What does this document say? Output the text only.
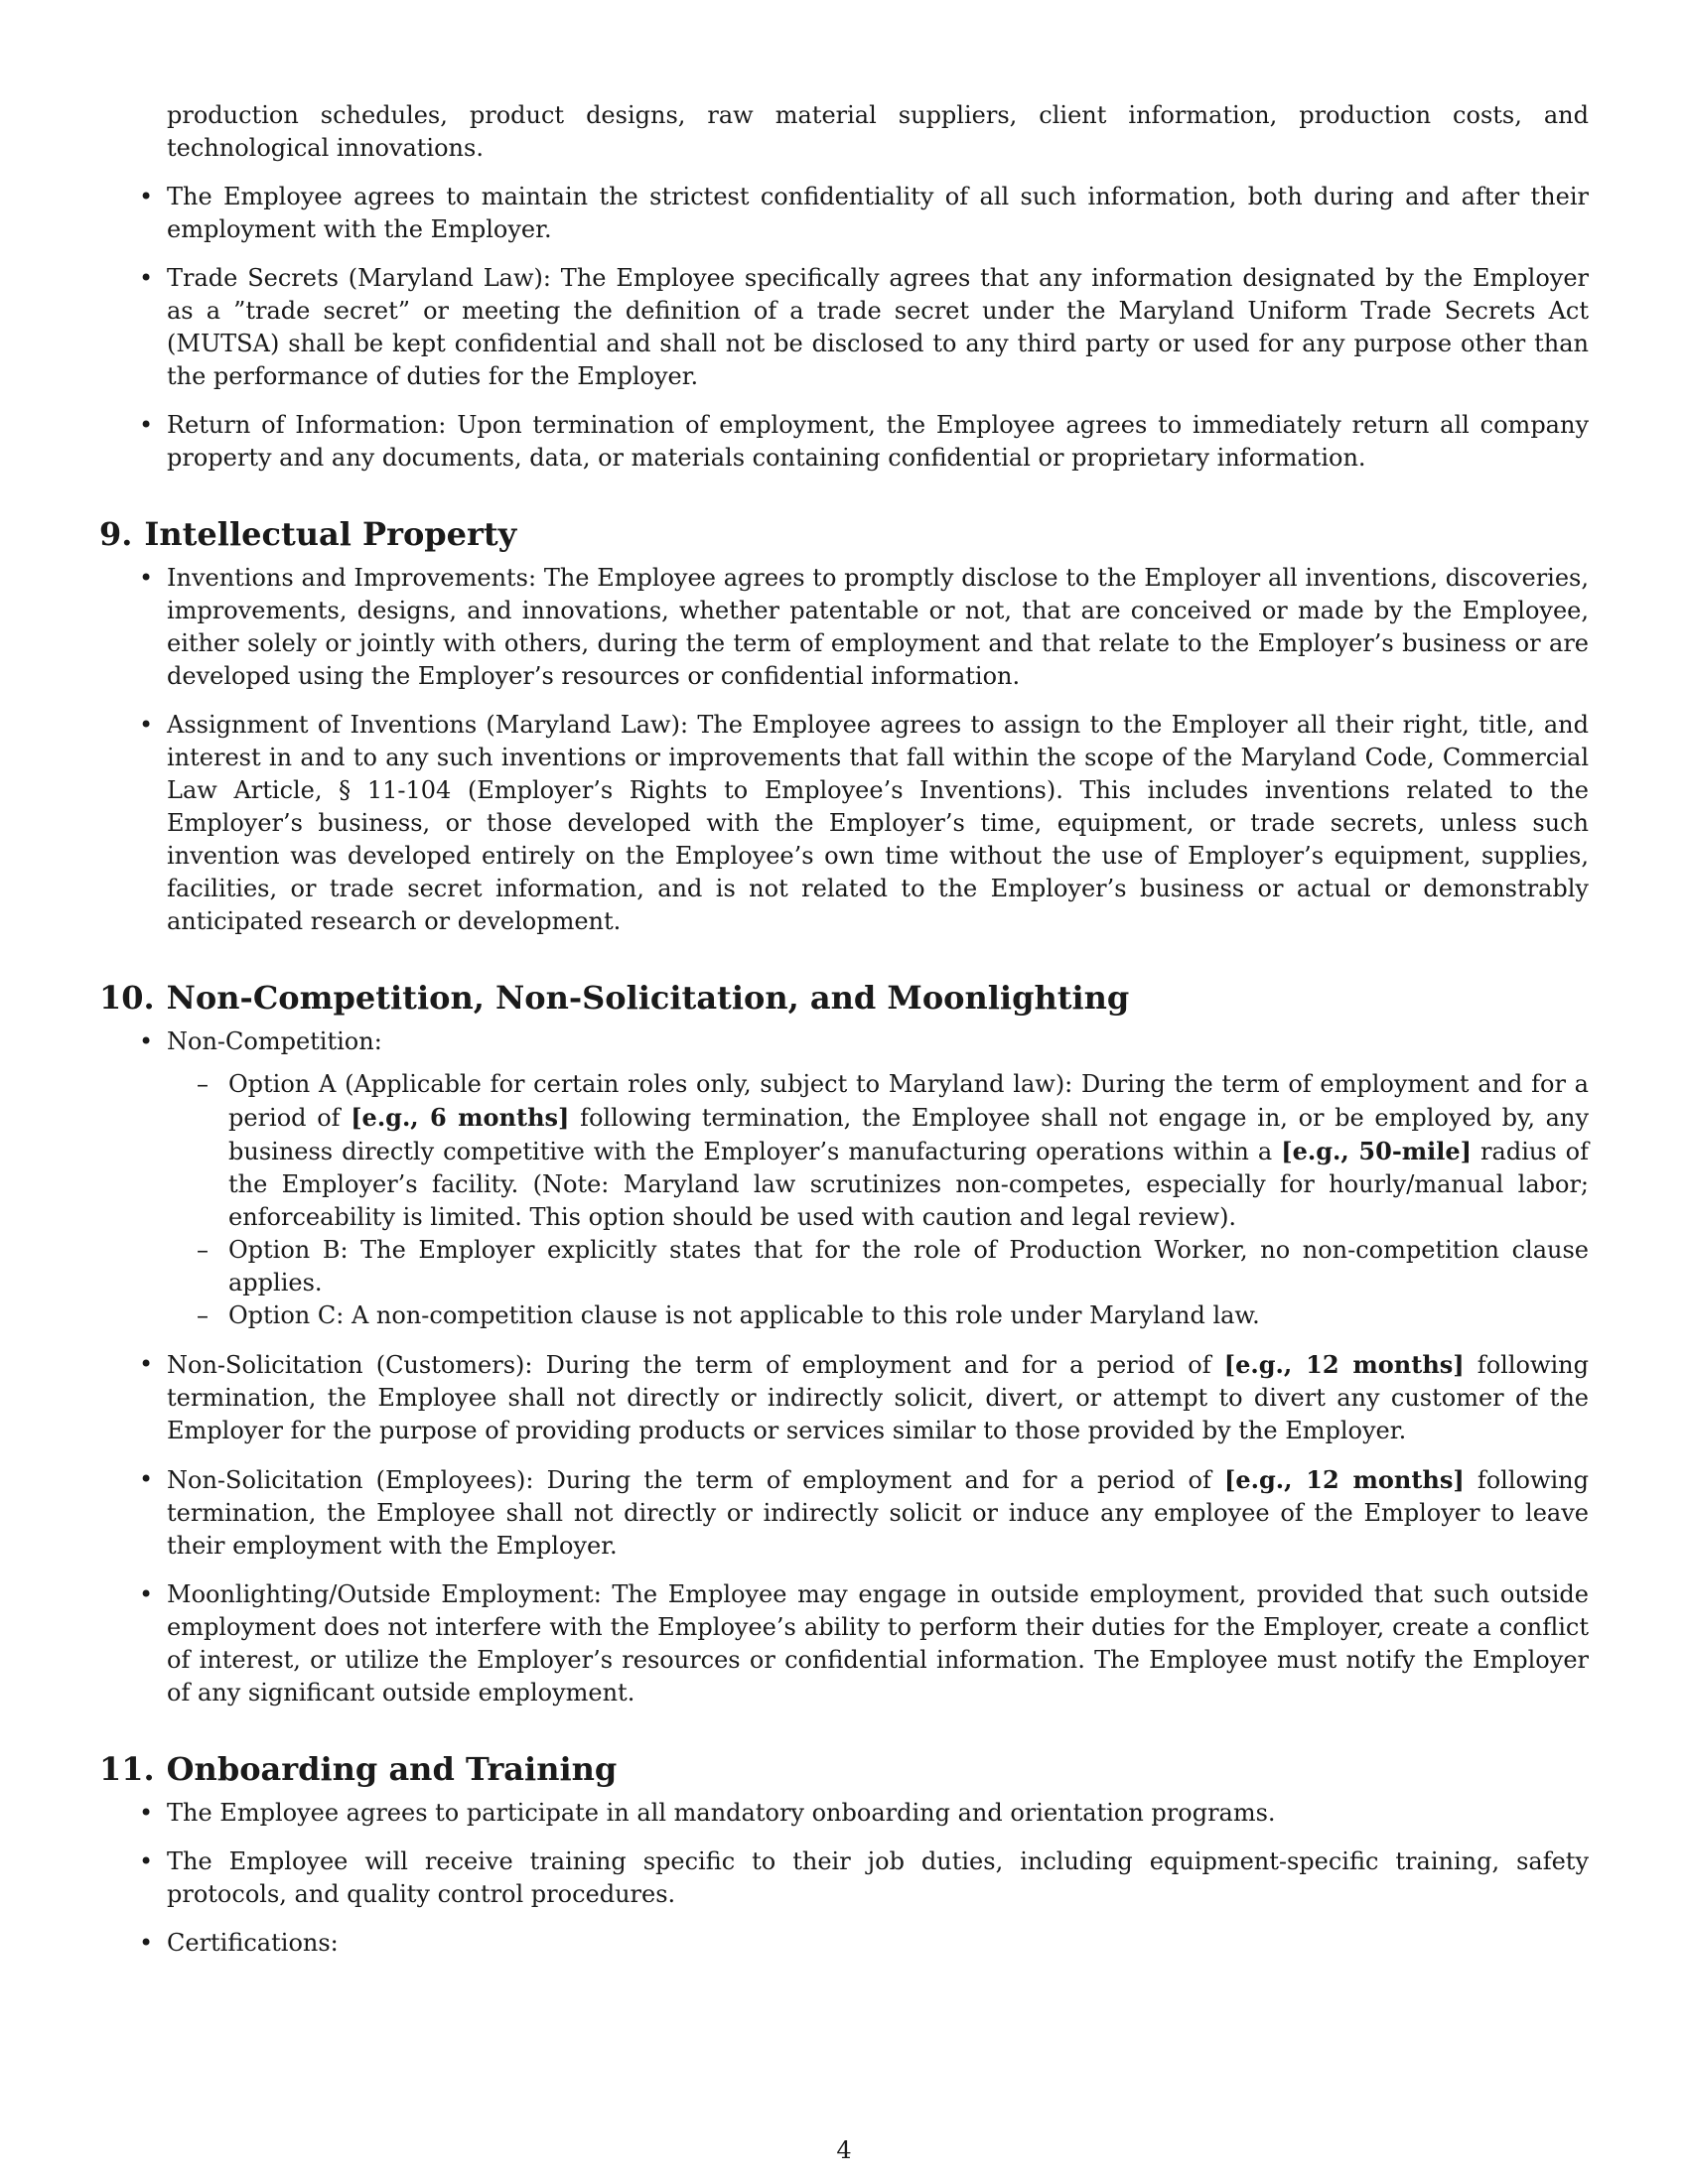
production schedules, product designs, raw material suppliers, client information, production costs, and technological innovations.

• The Employee agrees to maintain the strictest confidentiality of all such information, both during and after their employment with the Employer.
• Trade Secrets (Maryland Law): The Employee specifically agrees that any information designated by the Employer as a ”trade secret” or meeting the definition of a trade secret under the Maryland Uniform Trade Secrets Act (MUTSA) shall be kept confidential and shall not be disclosed to any third party or used for any purpose other than the performance of duties for the Employer.
• Return of Information: Upon termination of employment, the Employee agrees to immediately return all company property and any documents, data, or materials containing confidential or proprietary information.
9. Intellectual Property
• Inventions and Improvements: The Employee agrees to promptly disclose to the Employer all inventions, discoveries, improvements, designs, and innovations, whether patentable or not, that are conceived or made by the Employee, either solely or jointly with others, during the term of employment and that relate to the Employer’s business or are developed using the Employer’s resources or confidential information.
• Assignment of Inventions (Maryland Law): The Employee agrees to assign to the Employer all their right, title, and interest in and to any such inventions or improvements that fall within the scope of the Maryland Code, Commercial Law Article, § 11-104 (Employer’s Rights to Employee’s Inventions). This includes inventions related to the Employer’s business, or those developed with the Employer’s time, equipment, or trade secrets, unless such invention was developed entirely on the Employee’s own time without the use of Employer’s equipment, supplies, facilities, or trade secret information, and is not related to the Employer’s business or actual or demonstrably anticipated research or development.
10. Non-Competition, Non-Solicitation, and Moonlighting
• Non-Competition:
– Option A (Applicable for certain roles only, subject to Maryland law): During the term of employment and for a period of [e.g., 6 months] following termination, the Employee shall not engage in, or be employed by, any business directly competitive with the Employer’s manufacturing operations within a [e.g., 50-mile] radius of the Employer’s facility. (Note: Maryland law scrutinizes non-competes, especially for hourly/manual labor; enforceability is limited. This option should be used with caution and legal review).
– Option B: The Employer explicitly states that for the role of Production Worker, no non-competition clause applies.
– Option C: A non-competition clause is not applicable to this role under Maryland law.
• Non-Solicitation (Customers): During the term of employment and for a period of [e.g., 12 months] following termination, the Employee shall not directly or indirectly solicit, divert, or attempt to divert any customer of the Employer for the purpose of providing products or services similar to those provided by the Employer.
• Non-Solicitation (Employees): During the term of employment and for a period of [e.g., 12 months] following termination, the Employee shall not directly or indirectly solicit or induce any employee of the Employer to leave their employment with the Employer.
• Moonlighting/Outside Employment: The Employee may engage in outside employment, provided that such outside employment does not interfere with the Employee’s ability to perform their duties for the Employer, create a conflict of interest, or utilize the Employer’s resources or confidential information. The Employee must notify the Employer of any significant outside employment.
11. Onboarding and Training
• The Employee agrees to participate in all mandatory onboarding and orientation programs.
• The Employee will receive training specific to their job duties, including equipment-specific training, safety protocols, and quality control procedures.
• Certifications:
4
